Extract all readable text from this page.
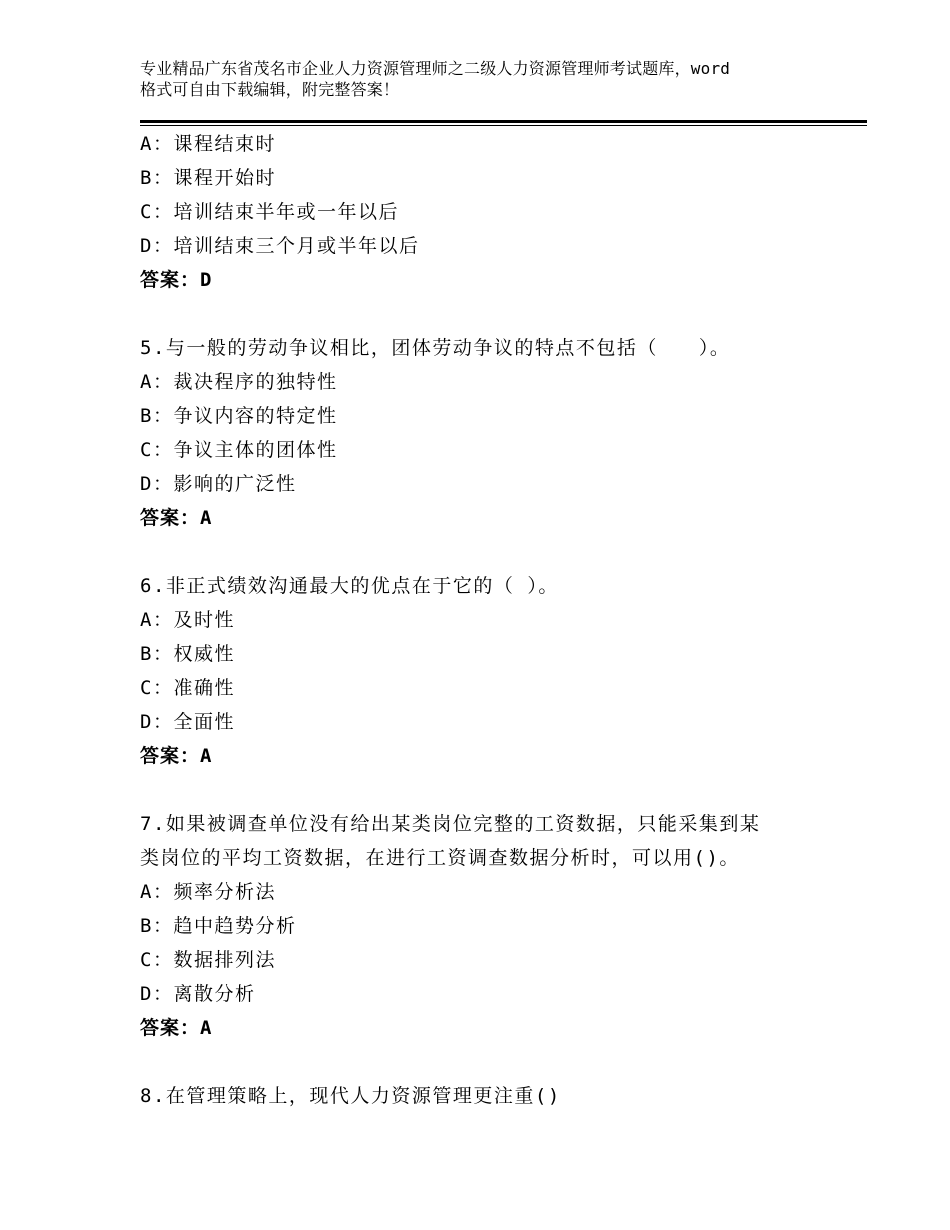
专业精品广东省茂名市企业人力资源管理师之二级人力资源管理师考试题库，word
格式可自由下载编辑，附完整答案！
A：课程结束时
B：课程开始时
C：培训结束半年或一年以后
D：培训结束三个月或半年以后
答案：D
5.与一般的劳动争议相比，团体劳动争议的特点不包括（　　）。
A：裁决程序的独特性
B：争议内容的特定性
C：争议主体的团体性
D：影响的广泛性
答案：A
6.非正式绩效沟通最大的优点在于它的（ ）。
A：及时性
B：权威性
C：准确性
D：全面性
答案：A
7.如果被调查单位没有给出某类岗位完整的工资数据，只能采集到某
类岗位的平均工资数据，在进行工资调查数据分析时，可以用()。
A：频率分析法
B：趋中趋势分析
C：数据排列法
D：离散分析
答案：A
8.在管理策略上，现代人力资源管理更注重()
